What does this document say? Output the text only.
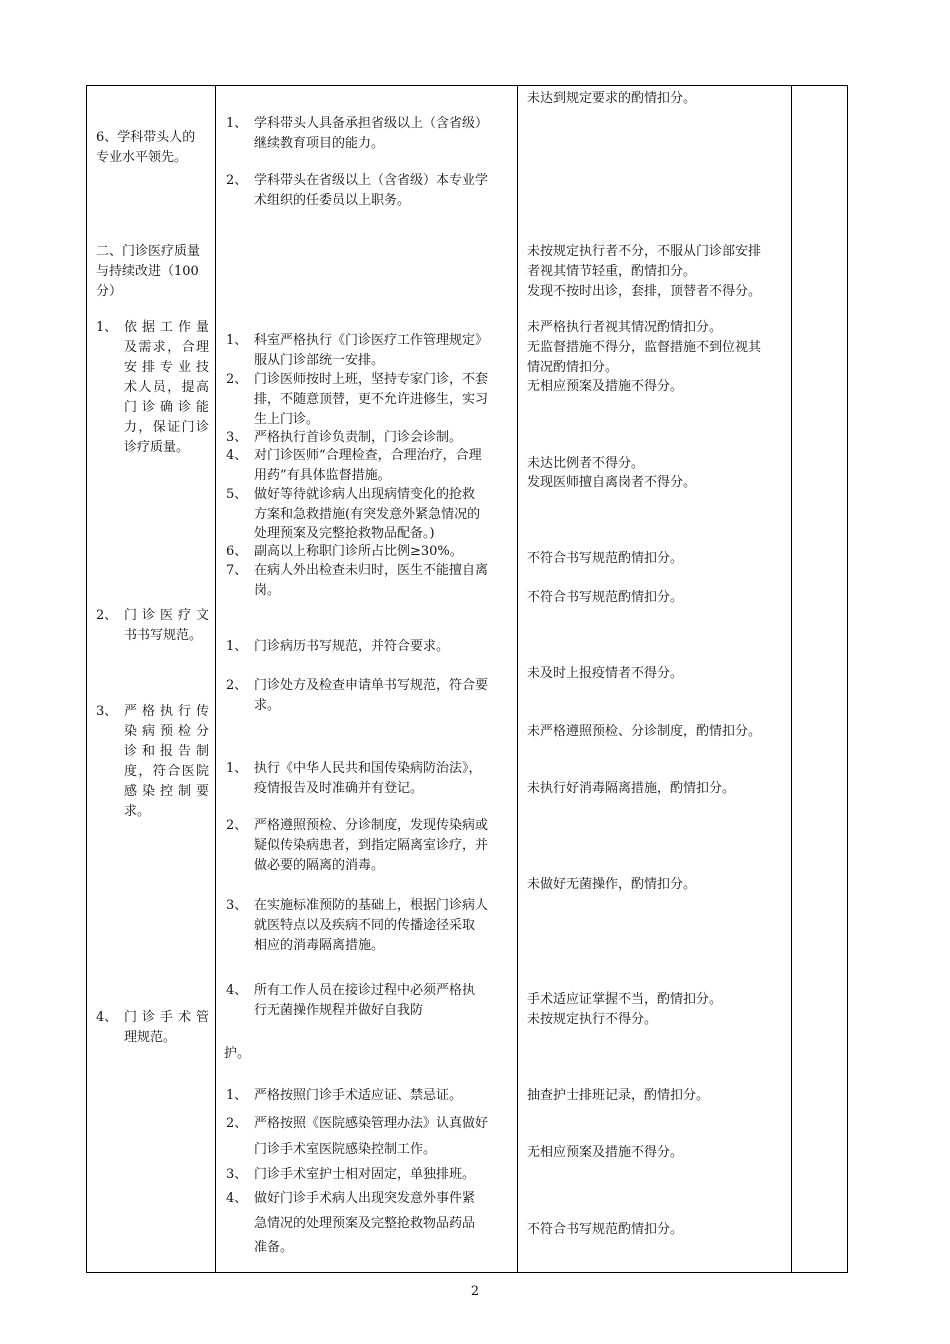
6、学科带头人的
专业水平领先。
二、门诊医疗质量
与持续改进（100
分）
1、 依 据 工 作 量
及需求，合理
安 排 专 业 技
术人员，提高
门 诊 确 诊 能
力，保证门诊
诊疗质量。
2、 门 诊 医 疗 文
书书写规范。
3、 严 格 执 行 传
染 病 预 检 分
诊 和 报 告 制
度，符合医院
感 染 控 制 要
求。
4、 门 诊 手 术 管
理规范。
1、 学科带头人具备承担省级以上（含省级）
继续教育项目的能力。
2、 学科带头在省级以上（含省级）本专业学
术组织的任委员以上职务。
1、 科室严格执行《门诊医疗工作管理规定》
服从门诊部统一安排。
2、 门诊医师按时上班，坚持专家门诊，不套
排，不随意顶替，更不允许进修生，实习
生上门诊。
3、 严格执行首诊负责制，门诊会诊制。
4、 对门诊医师“合理检查，合理治疗，合理
用药”有具体监督措施。
5、 做好等待就诊病人出现病情变化的抢救
方案和急救措施(有突发意外紧急情况的
处理预案及完整抢救物品配备。)
6、 副高以上称职门诊所占比例≥30%。
7、 在病人外出检查未归时，医生不能擅自离
岗。
1、 门诊病历书写规范，并符合要求。
2、 门诊处方及检查申请单书写规范，符合要
求。
1、 执行《中华人民共和国传染病防治法》，
疫情报告及时准确并有登记。
2、 严格遵照预检、分诊制度，发现传染病或
疑似传染病患者，到指定隔离室诊疗，并
做必要的隔离的消毒。
3、 在实施标准预防的基础上，根据门诊病人
就医特点以及疾病不同的传播途径采取
相应的消毒隔离措施。
4、 所有工作人员在接诊过程中必须严格执
行无菌操作规程并做好自我防
护。
1、 严格按照门诊手术适应证、禁忌证。
2、 严格按照《医院感染管理办法》认真做好
门诊手术室医院感染控制工作。
3、 门诊手术室护士相对固定，单独排班。
4、 做好门诊手术病人出现突发意外事件紧
急情况的处理预案及完整抢救物品药品
准备。
未达到规定要求的酌情扣分。
未按规定执行者不分，不服从门诊部安排
者视其情节轻重，酌情扣分。
发现不按时出诊，套排，顶替者不得分。
未严格执行者视其情况酌情扣分。
无监督措施不得分，监督措施不到位视其
情况酌情扣分。
无相应预案及措施不得分。
未达比例者不得分。
发现医师擅自离岗者不得分。
不符合书写规范酌情扣分。
不符合书写规范酌情扣分。
未及时上报疫情者不得分。
未严格遵照预检、分诊制度，酌情扣分。
未执行好消毒隔离措施，酌情扣分。
未做好无菌操作，酌情扣分。
手术适应证掌握不当，酌情扣分。
未按规定执行不得分。
抽查护士排班记录，酌情扣分。
无相应预案及措施不得分。
不符合书写规范酌情扣分。
2
